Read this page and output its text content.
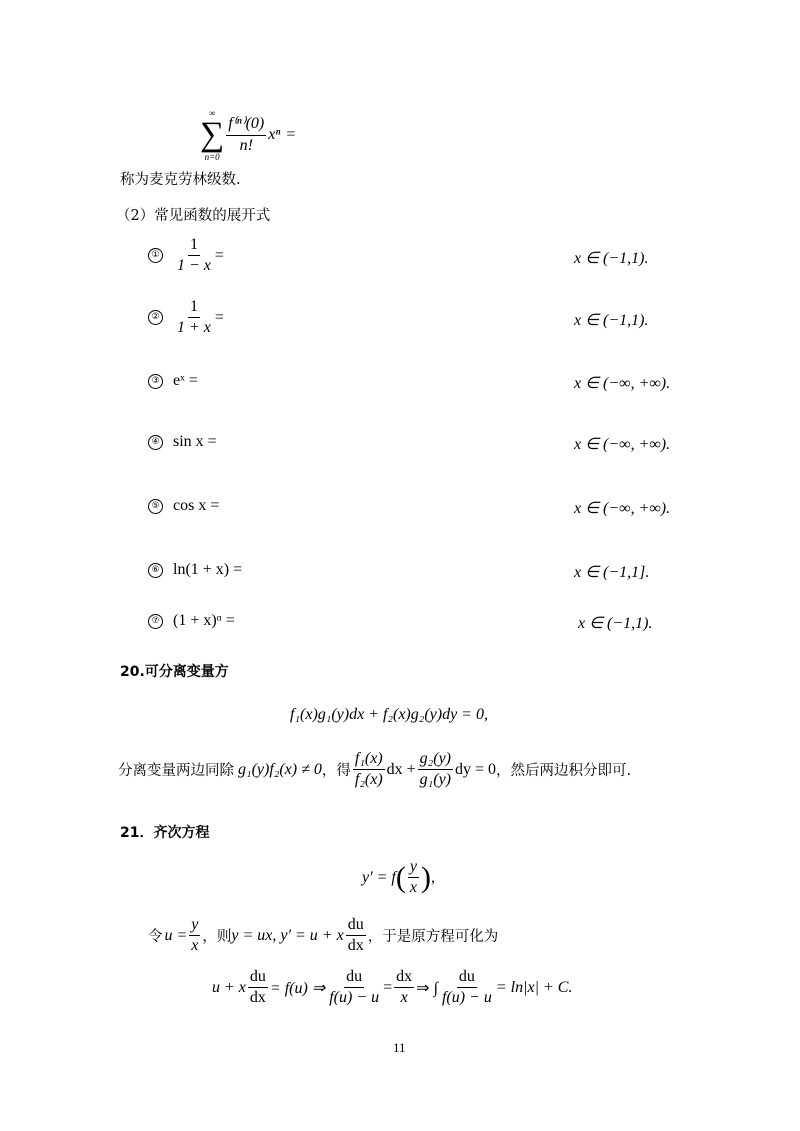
∞
∑
n=0
$\frac{\text{f⁽ⁿ⁾(0)}}{n!}$ xⁿ =
称为麦克劳林级数.
（2）常见函数的展开式
① $\frac{1}{1 - x}$ =	x ∈ (−1,1).
② $\frac{1}{1 + x}$ =	x ∈ (−1,1).
③ eˣ =	x ∈ (−∞, +∞).
④ sin x =	x ∈ (−∞, +∞).
⑤ cos x =	x ∈ (−∞, +∞).
⑥ ln(1 + x) =	x ∈ (−1,1].
⑦ (1 + x)ᵅ =	x ∈ (−1,1).
20.可分离变量方
f₁(x)g₁(y)dx + f₂(x)g₂(y)dy = 0,
分离变量两边同除 g₁(y)f₂(x) ≠ 0 ，得 $\frac{\text{f₁(x)}}{\text{f₂(x)}}$ dx + $\frac{\text{g₂(y)}}{\text{g₁(y)}}$ dy = 0 ，然后两边积分即可.
21．齐次方程
y′ = f ( $\frac{y}{x}$ ) ,
令 $u = \frac{y}{x}$ ，则 y = ux, y′ = u + x $\frac{du}{dx}$ ，于是原方程可化为
u + x $\frac{du}{dx} = f(u)$ ⇒ $\frac{du}{f(u) - u} = \frac{dx}{x}$ ⇒ ∫ $\frac{du}{f(u) - u} = \ln|x| + C$.
11
